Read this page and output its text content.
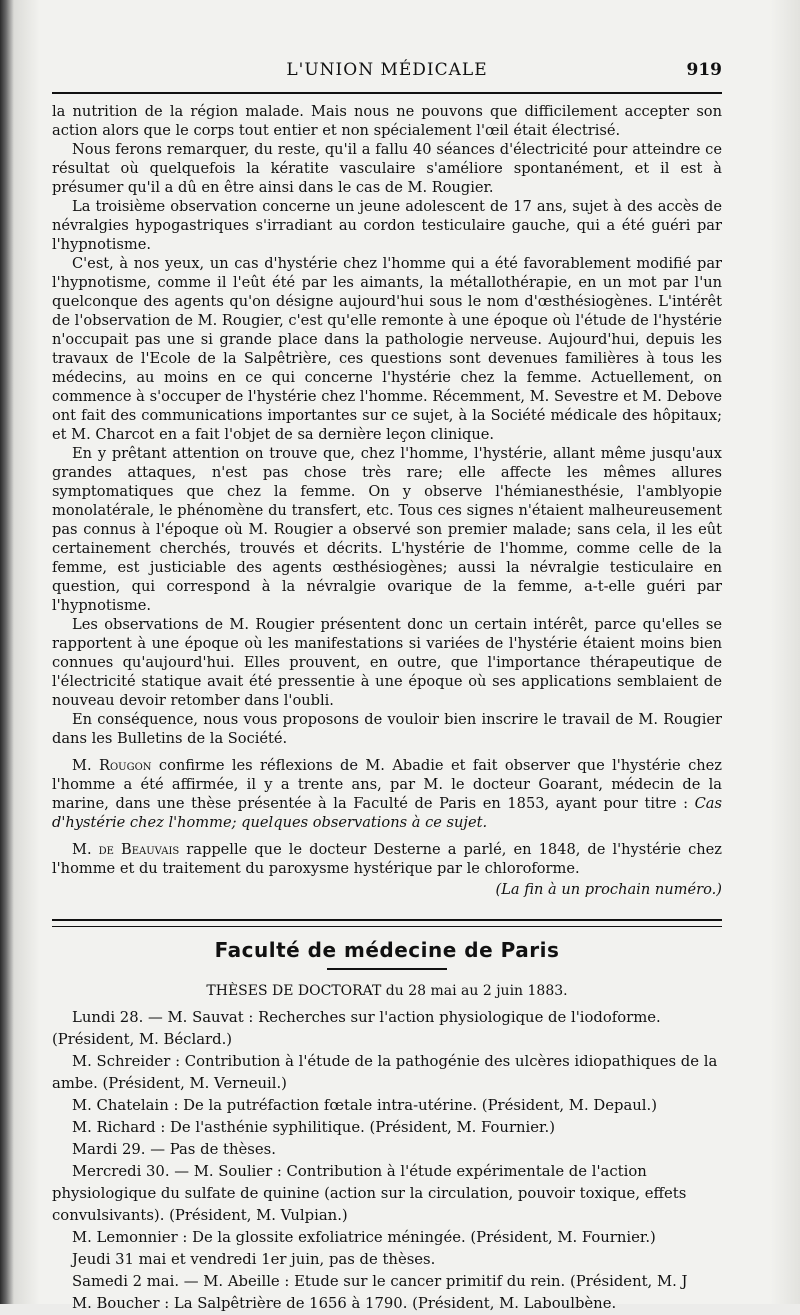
L'UNION MÉDICALE	919

la nutrition de la région malade. Mais nous ne pouvons que difficilement accepter son action alors que le corps tout entier et non spécialement l'œil était électrisé.

Nous ferons remarquer, du reste, qu'il a fallu 40 séances d'électricité pour atteindre ce résultat où quelquefois la kératite vasculaire s'améliore spontanément, et il est à présumer qu'il a dû en être ainsi dans le cas de M. Rougier.

La troisième observation concerne un jeune adolescent de 17 ans, sujet à des accès de névralgies hypogastriques s'irradiant au cordon testiculaire gauche, qui a été guéri par l'hypnotisme.

C'est, à nos yeux, un cas d'hystérie chez l'homme qui a été favorablement modifié par l'hypnotisme, comme il l'eût été par les aimants, la métallothérapie, en un mot par l'un quelconque des agents qu'on désigne aujourd'hui sous le nom d'œsthésiogènes. L'intérêt de l'observation de M. Rougier, c'est qu'elle remonte à une époque où l'étude de l'hystérie n'occupait pas une si grande place dans la pathologie nerveuse. Aujourd'hui, depuis les travaux de l'Ecole de la Salpêtrière, ces questions sont devenues familières à tous les médecins, au moins en ce qui concerne l'hystérie chez la femme. Actuellement, on commence à s'occuper de l'hystérie chez l'homme. Récemment, M. Sevestre et M. Debove ont fait des communications importantes sur ce sujet, à la Société médicale des hôpitaux; et M. Charcot en a fait l'objet de sa dernière leçon clinique.

En y prêtant attention on trouve que, chez l'homme, l'hystérie, allant même jusqu'aux grandes attaques, n'est pas chose très rare; elle affecte les mêmes allures symptomatiques que chez la femme. On y observe l'hémianesthésie, l'amblyopie monolatérale, le phénomène du transfert, etc. Tous ces signes n'étaient malheureusement pas connus à l'époque où M. Rougier a observé son premier malade; sans cela, il les eût certainement cherchés, trouvés et décrits. L'hystérie de l'homme, comme celle de la femme, est justiciable des agents œsthésiogènes; aussi la névralgie testiculaire en question, qui correspond à la névralgie ovarique de la femme, a-t-elle guéri par l'hypnotisme.

Les observations de M. Rougier présentent donc un certain intérêt, parce qu'elles se rapportent à une époque où les manifestations si variées de l'hystérie étaient moins bien connues qu'aujourd'hui. Elles prouvent, en outre, que l'importance thérapeutique de l'électricité statique avait été pressentie à une époque où ses applications semblaient de nouveau devoir retomber dans l'oubli.

En conséquence, nous vous proposons de vouloir bien inscrire le travail de M. Rougier dans les Bulletins de la Société.

M. Rougon confirme les réflexions de M. Abadie et fait observer que l'hystérie chez l'homme a été affirmée, il y a trente ans, par M. le docteur Goarant, médecin de la marine, dans une thèse présentée à la Faculté de Paris en 1853, ayant pour titre : Cas d'hystérie chez l'homme; quelques observations à ce sujet.

M. de Beauvais rappelle que le docteur Desterne a parlé, en 1848, de l'hystérie chez l'homme et du traitement du paroxysme hystérique par le chloroforme.

(La fin à un prochain numéro.)
Faculté de médecine de Paris
THÈSES DE DOCTORAT du 28 mai au 2 juin 1883.

Lundi 28. — M. Sauvat : Recherches sur l'action physiologique de l'iodoforme. (Président, M. Béclard.)

M. Schreider : Contribution à l'étude de la pathogénie des ulcères idiopathiques de la ambe. (Président, M. Verneuil.)

M. Chatelain : De la putréfaction fœtale intra-utérine. (Président, M. Depaul.)

M. Richard : De l'asthénie syphilitique. (Président, M. Fournier.)

Mardi 29. — Pas de thèses.

Mercredi 30. — M. Soulier : Contribution à l'étude expérimentale de l'action physiologique du sulfate de quinine (action sur la circulation, pouvoir toxique, effets convulsivants). (Président, M. Vulpian.)

M. Lemonnier : De la glossite exfoliatrice méningée. (Président, M. Fournier.)

Jeudi 31 mai et vendredi 1er juin, pas de thèses.

Samedi 2 mai. — M. Abeille : Etude sur le cancer primitif du rein. (Président, M. J

M. Boucher : La Salpêtrière de 1656 à 1790. (Président, M. Laboulbène.
